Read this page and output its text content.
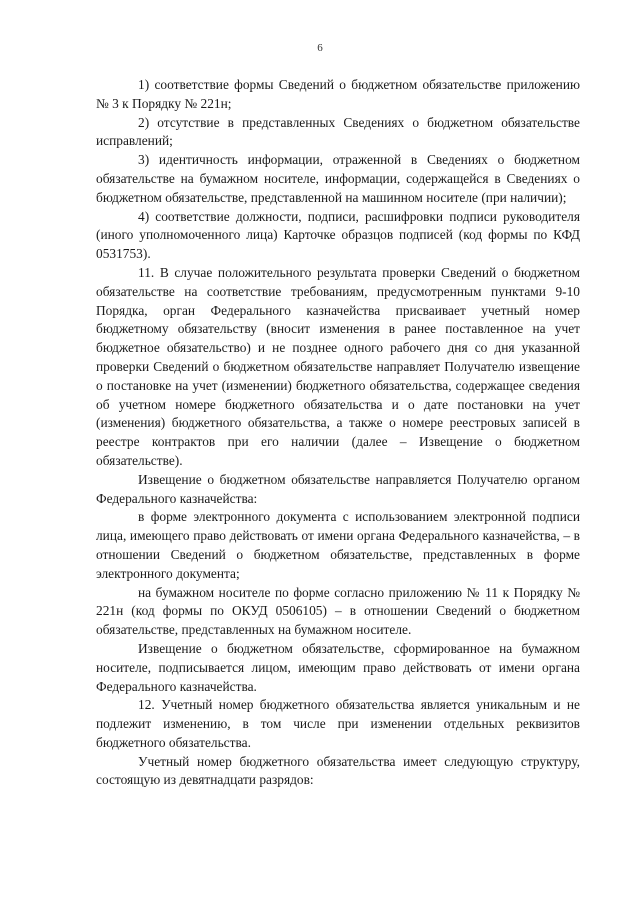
6

1) соответствие формы Сведений о бюджетном обязательстве приложению № 3 к Порядку № 221н;

2) отсутствие в представленных Сведениях о бюджетном обязательстве исправлений;

3) идентичность информации, отраженной в Сведениях о бюджетном обязательстве на бумажном носителе, информации, содержащейся в Сведениях о бюджетном обязательстве, представленной на машинном носителе (при наличии);

4) соответствие должности, подписи, расшифровки подписи руководителя (иного уполномоченного лица) Карточке образцов подписей (код формы по КФД 0531753).

11. В случае положительного результата проверки Сведений о бюджетном обязательстве на соответствие требованиям, предусмотренным пунктами 9-10 Порядка, орган Федерального казначейства присваивает учетный номер бюджетному обязательству (вносит изменения в ранее поставленное на учет бюджетное обязательство) и не позднее одного рабочего дня со дня указанной проверки Сведений о бюджетном обязательстве направляет Получателю извещение о постановке на учет (изменении) бюджетного обязательства, содержащее сведения об учетном номере бюджетного обязательства и о дате постановки на учет (изменения) бюджетного обязательства, а также о номере реестровых записей в реестре контрактов при его наличии (далее – Извещение о бюджетном обязательстве).

Извещение о бюджетном обязательстве направляется Получателю органом Федерального казначейства:

в форме электронного документа с использованием электронной подписи лица, имеющего право действовать от имени органа Федерального казначейства, – в отношении Сведений о бюджетном обязательстве, представленных в форме электронного документа;

на бумажном носителе по форме согласно приложению № 11 к Порядку № 221н (код формы по ОКУД 0506105) – в отношении Сведений о бюджетном обязательстве, представленных на бумажном носителе.

Извещение о бюджетном обязательстве, сформированное на бумажном носителе, подписывается лицом, имеющим право действовать от имени органа Федерального казначейства.

12. Учетный номер бюджетного обязательства является уникальным и не подлежит изменению, в том числе при изменении отдельных реквизитов бюджетного обязательства.

Учетный номер бюджетного обязательства имеет следующую структуру, состоящую из девятнадцати разрядов:
